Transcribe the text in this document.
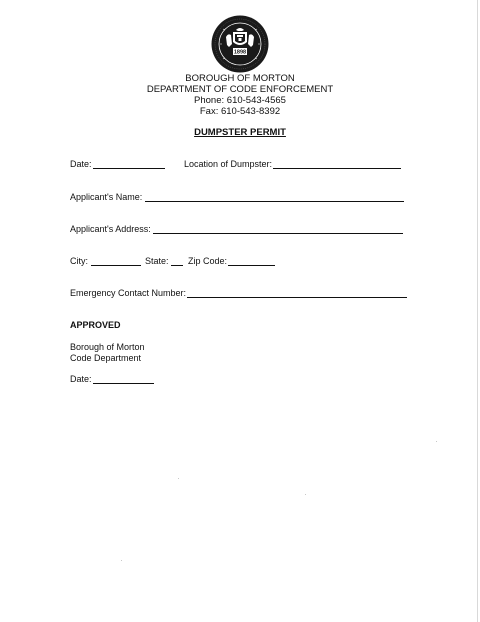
1898
BOROUGH OF MORTON
DEPARTMENT OF CODE ENFORCEMENT
Phone: 610-543-4565
Fax: 610-543-8392
DUMPSTER PERMIT
Date:	Location of Dumpster:
Applicant's Name:
Applicant's Address:
City:	State: Zip Code:
Emergency Contact Number:
APPROVED
Borough of Morton
Code Department
Date:
